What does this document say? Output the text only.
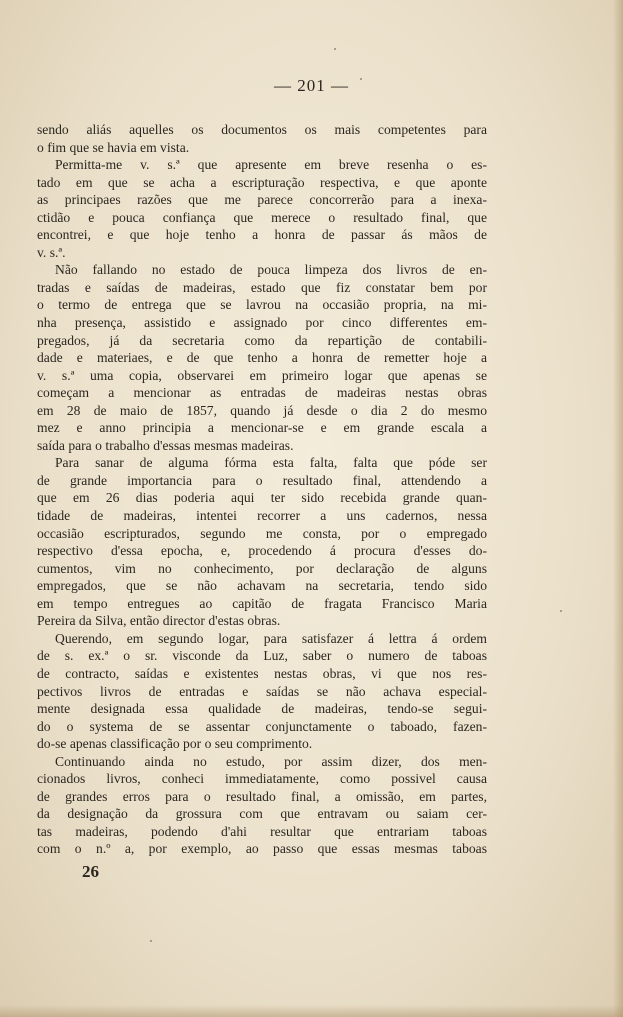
— 201 —
sendo aliás aquelles os documentos os mais competentes para
o fim que se havia em vista.
Permitta-me v. s.ª que apresente em breve resenha o es-
tado em que se acha a escripturação respectiva, e que aponte
as principaes razões que me parece concorrerão para a inexa-
ctidão e pouca confiança que merece o resultado final, que
encontrei, e que hoje tenho a honra de passar ás mãos de
v. s.ª.
Não fallando no estado de pouca limpeza dos livros de en-
tradas e saídas de madeiras, estado que fiz constatar bem por
o termo de entrega que se lavrou na occasião propria, na mi-
nha presença, assistido e assignado por cinco differentes em-
pregados, já da secretaria como da repartição de contabili-
dade e materiaes, e de que tenho a honra de remetter hoje a
v. s.ª uma copia, observarei em primeiro logar que apenas se
começam a mencionar as entradas de madeiras nestas obras
em 28 de maio de 1857, quando já desde o dia 2 do mesmo
mez e anno principia a mencionar-se e em grande escala a
saída para o trabalho d'essas mesmas madeiras.
Para sanar de alguma fórma esta falta, falta que póde ser
de grande importancia para o resultado final, attendendo a
que em 26 dias poderia aqui ter sido recebida grande quan-
tidade de madeiras, intentei recorrer a uns cadernos, nessa
occasião escripturados, segundo me consta, por o empregado
respectivo d'essa epocha, e, procedendo á procura d'esses do-
cumentos, vim no conhecimento, por declaração de alguns
empregados, que se não achavam na secretaria, tendo sido
em tempo entregues ao capitão de fragata Francisco Maria
Pereira da Silva, então director d'estas obras.
Querendo, em segundo logar, para satisfazer á lettra á ordem
de s. ex.ª o sr. visconde da Luz, saber o numero de taboas
de contracto, saídas e existentes nestas obras, vi que nos res-
pectivos livros de entradas e saídas se não achava especial-
mente designada essa qualidade de madeiras, tendo-se segui-
do o systema de se assentar conjunctamente o taboado, fazen-
do-se apenas classificação por o seu comprimento.
Continuando ainda no estudo, por assim dizer, dos men-
cionados livros, conheci immediatamente, como possivel causa
de grandes erros para o resultado final, a omissão, em partes,
da designação da grossura com que entravam ou saiam cer-
tas madeiras, podendo d'ahi resultar que entrariam taboas
com o n.º a, por exemplo, ao passo que essas mesmas taboas
26
